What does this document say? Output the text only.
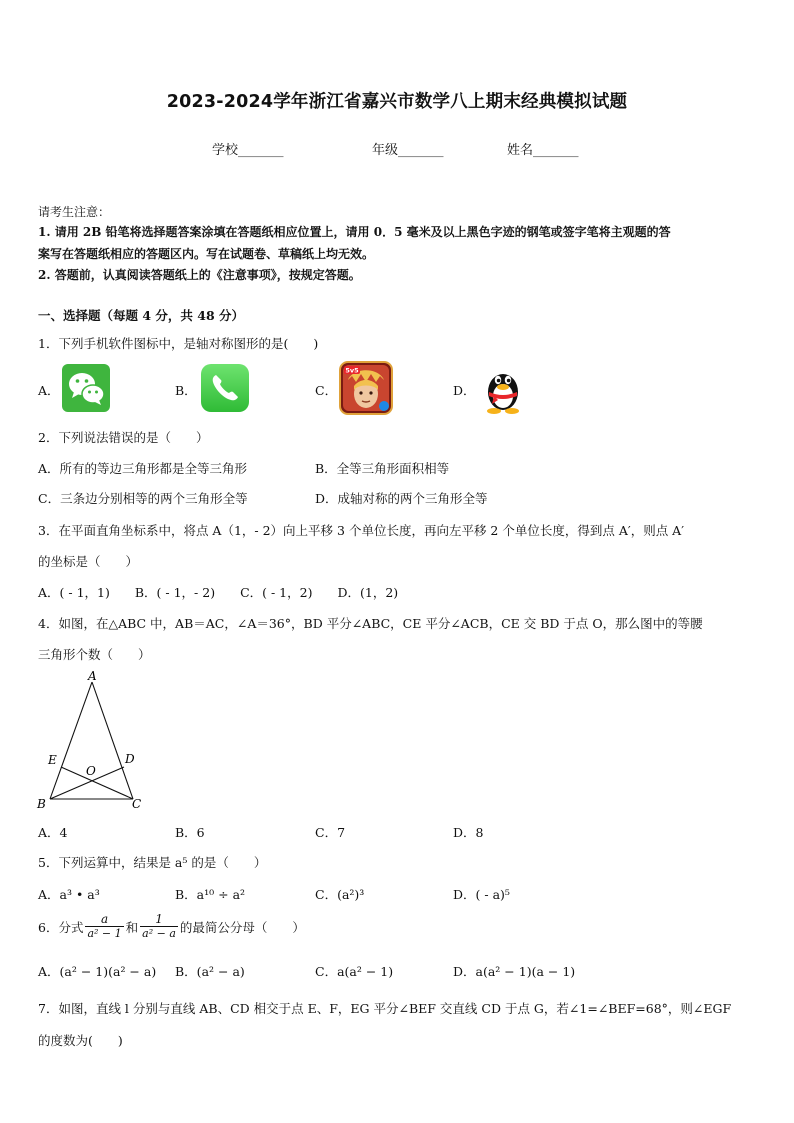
2023-2024学年浙江省嘉兴市数学八上期末经典模拟试题
学校_______	年级_______	姓名_______
请考生注意：
1. 请用 2B 铅笔将选择题答案涂填在答题纸相应位置上，请用 0．5 毫米及以上黑色字迹的钢笔或签字笔将主观题的答
案写在答题纸相应的答题区内。写在试题卷、草稿纸上均无效。
2. 答题前，认真阅读答题纸上的《注意事项》，按规定答题。
一、选择题（每题 4 分，共 48 分）
1．下列手机软件图标中，是轴对称图形的是(　　)
A．	B．	C．	D．
5v5
2．下列说法错误的是（　　）
A．所有的等边三角形都是全等三角形	B．全等三角形面积相等
C．三条边分别相等的两个三角形全等	D．成轴对称的两个三角形全等
3．在平面直角坐标系中，将点 A（1，- 2）向上平移 3 个单位长度，再向左平移 2 个单位长度，得到点 A′，则点 A′
的坐标是（　　）
A．( - 1，1)　　B．( - 1，- 2)　　C．( - 1，2)　　D．(1，2)
4．如图，在△ABC 中，AB＝AC，∠A＝36°，BD 平分∠ABC，CE 平分∠ACB，CE 交 BD 于点 O，那么图中的等腰
三角形个数（　　）
A
E	D
O
B	C
A．4	B．6	C．7	D．8
5．下列运算中，结果是 a⁵ 的是（　　）
A．a³ • a³	B．a¹⁰ ÷ a²	C．(a²)³	D．( - a)⁵
6．分式 $\frac{a}{\text{a² − 1}}$ 和 $\frac{1}{\text{a² − a}}$ 的最简公分母（　　）
A．(a² − 1)(a² − a) B．(a² − a)	C．a(a² − 1)	D．a(a² − 1)(a − 1)
7．如图，直线 l 分别与直线 AB、CD 相交于点 E、F，EG 平分∠BEF 交直线 CD 于点 G，若∠1=∠BEF=68°，则∠EGF
的度数为(　　)
